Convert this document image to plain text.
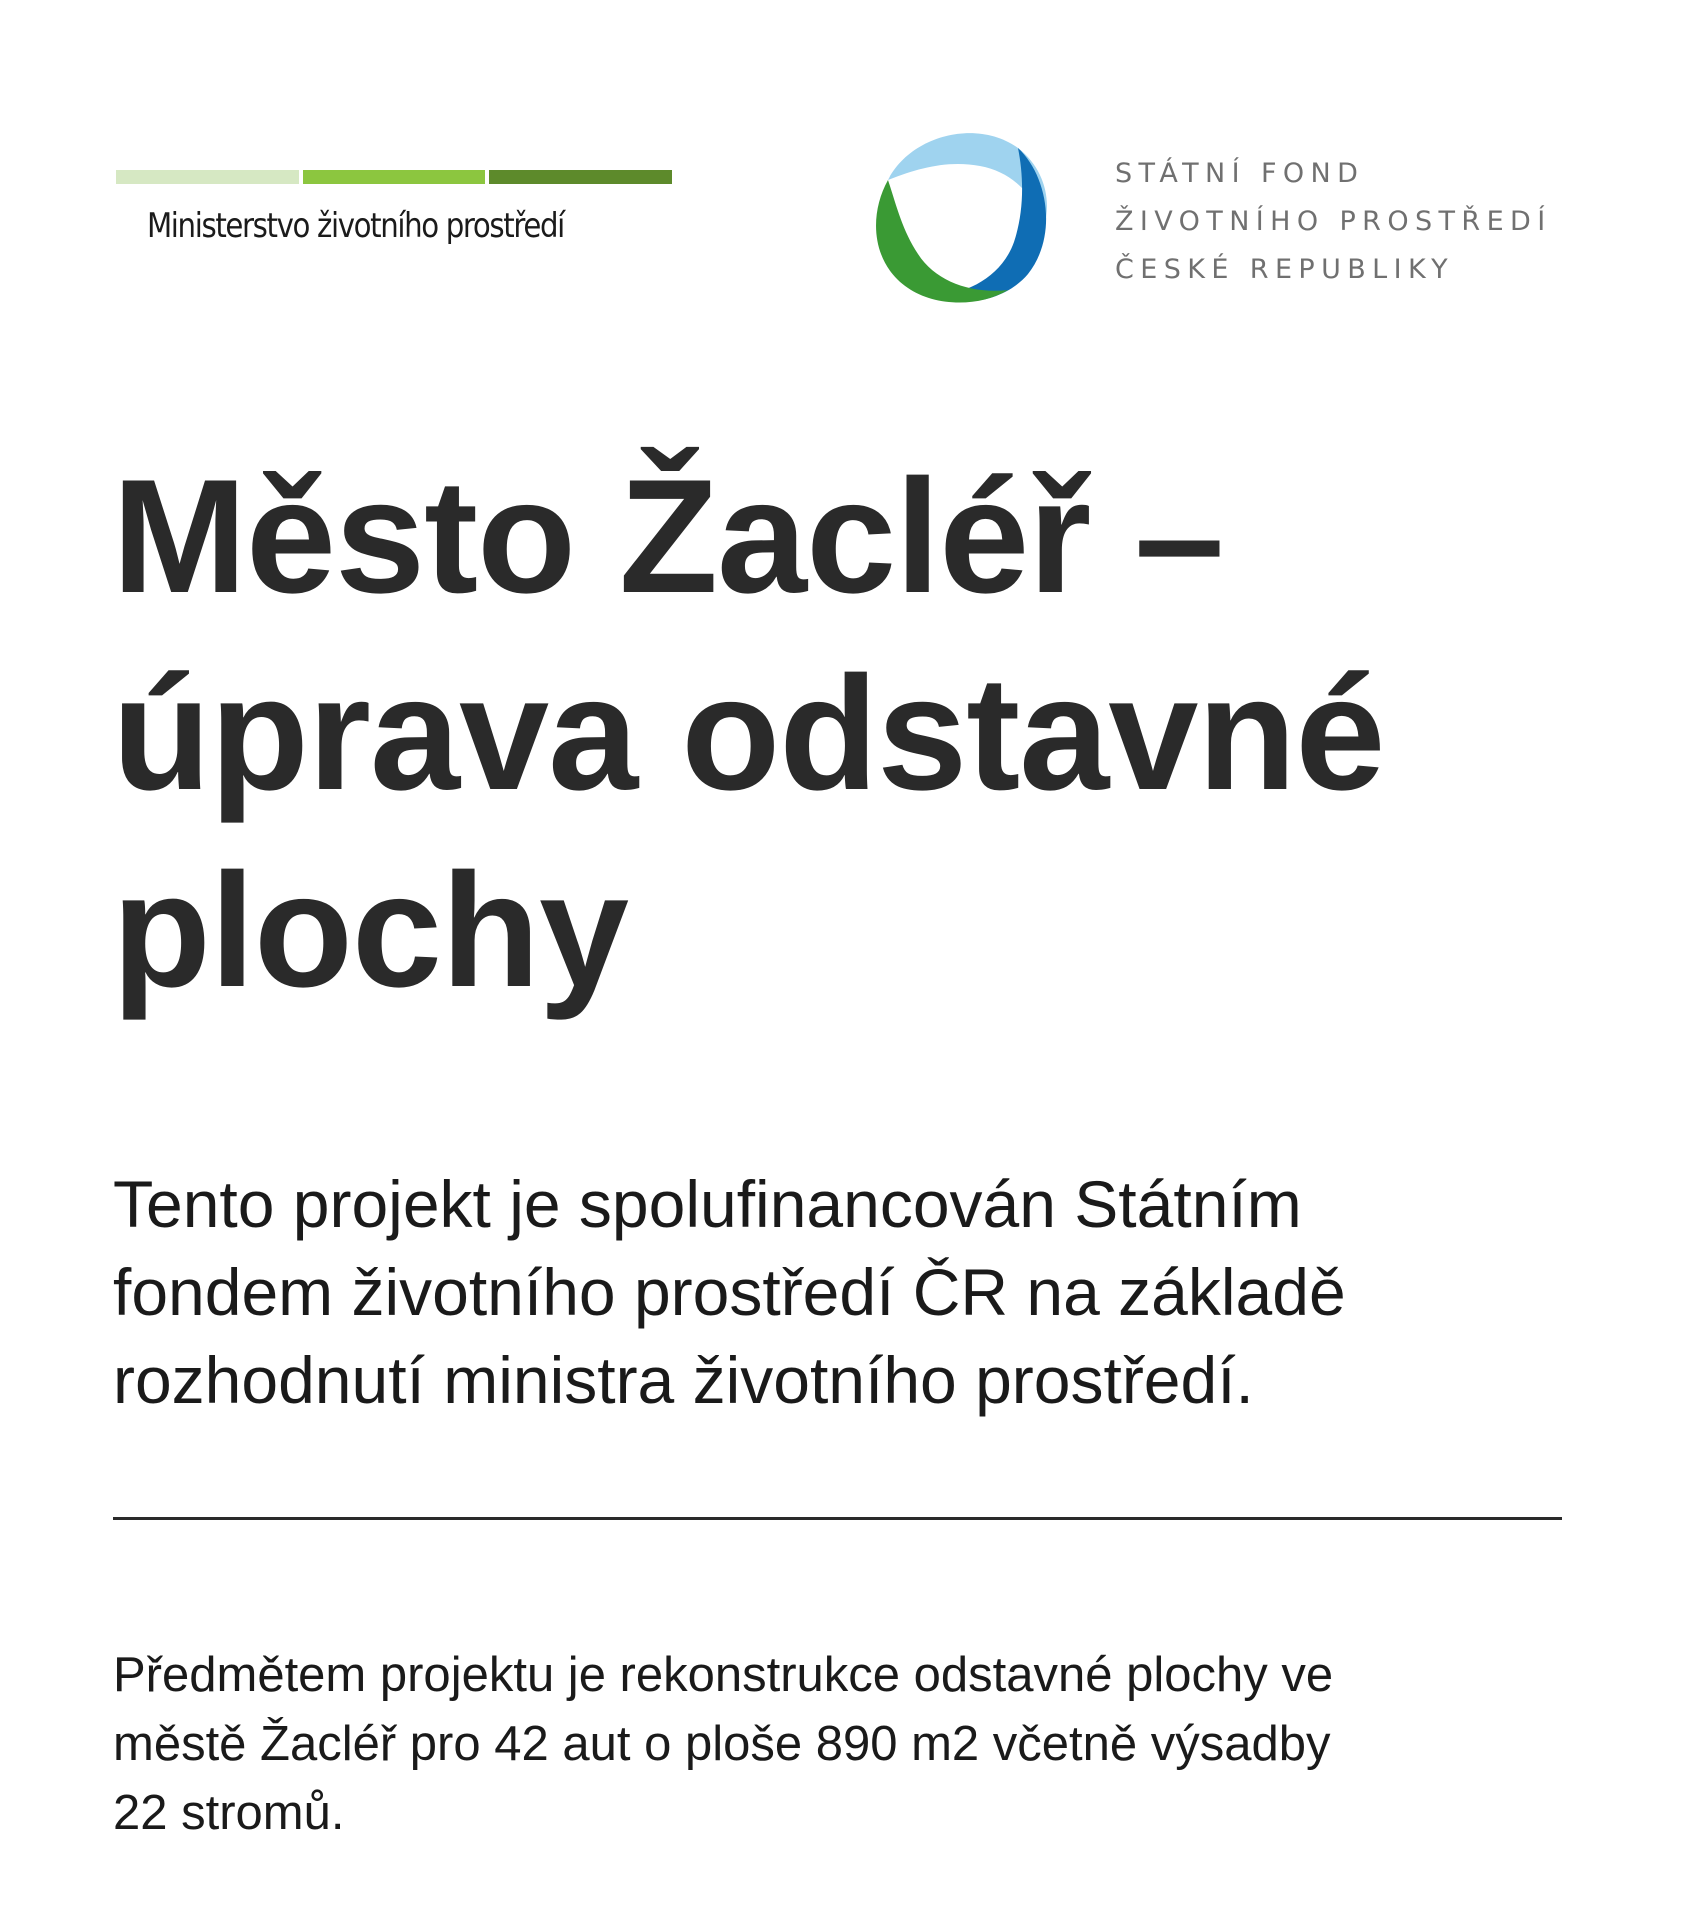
Ministerstvo životního prostředí
STÁTNÍ FOND
ŽIVOTNÍHO PROSTŘEDÍ
ČESKÉ REPUBLIKY
Město Žacléř –
úprava odstavné
plochy

Tento projekt je spolufinancován Státním
fondem životního prostředí ČR na základě
rozhodnutí ministra životního prostředí.

Předmětem projektu je rekonstrukce odstavné plochy ve
městě Žacléř pro 42 aut o ploše 890 m2 včetně výsadby
22 stromů.
